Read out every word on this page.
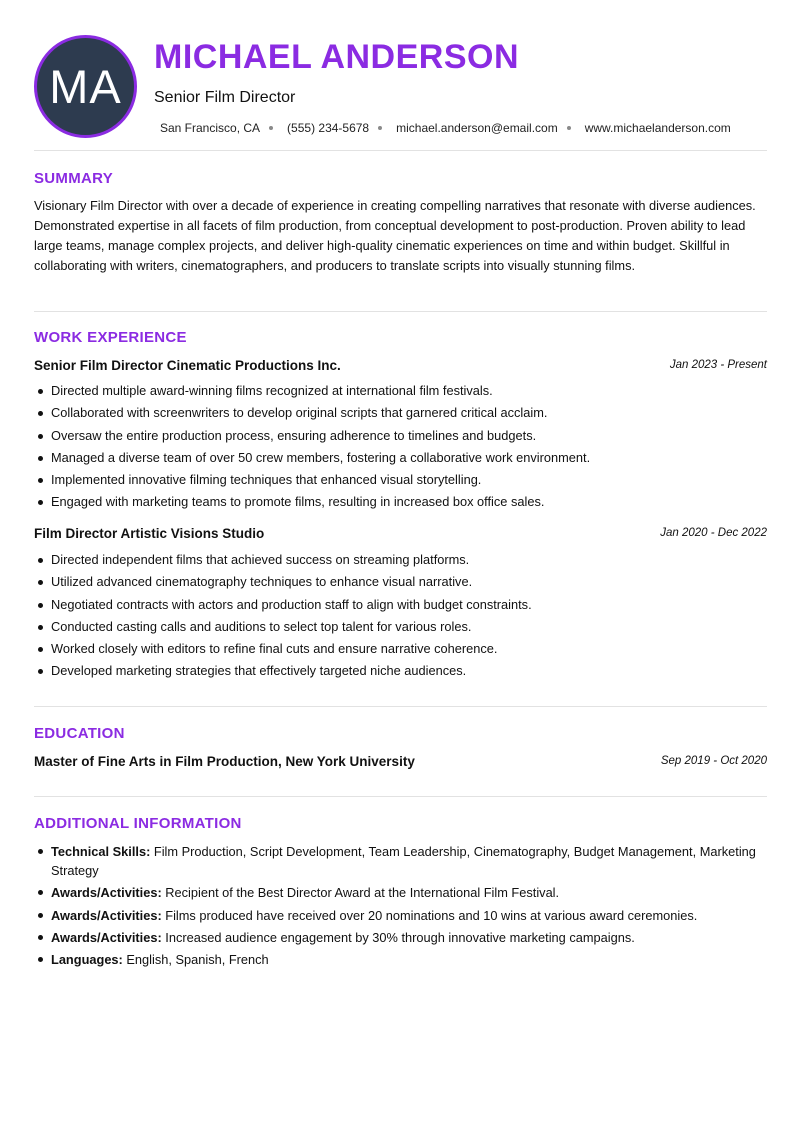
MA
MICHAEL ANDERSON
Senior Film Director
San Francisco, CA (555) 234-5678 michael.anderson@email.com www.michaelanderson.com
SUMMARY

Visionary Film Director with over a decade of experience in creating compelling narratives that resonate with diverse audiences. Demonstrated expertise in all facets of film production, from conceptual development to post-production. Proven ability to lead large teams, manage complex projects, and deliver high-quality cinematic experiences on time and within budget. Skillful in collaborating with writers, cinematographers, and producers to translate scripts into visually stunning films.

WORK EXPERIENCE
Senior Film Director Cinematic Productions Inc.	Jan 2023 - Present
Directed multiple award-winning films recognized at international film festivals.
Collaborated with screenwriters to develop original scripts that garnered critical acclaim.
Oversaw the entire production process, ensuring adherence to timelines and budgets.
Managed a diverse team of over 50 crew members, fostering a collaborative work environment.
Implemented innovative filming techniques that enhanced visual storytelling.
Engaged with marketing teams to promote films, resulting in increased box office sales.
Film Director Artistic Visions Studio	Jan 2020 - Dec 2022
Directed independent films that achieved success on streaming platforms.
Utilized advanced cinematography techniques to enhance visual narrative.
Negotiated contracts with actors and production staff to align with budget constraints.
Conducted casting calls and auditions to select top talent for various roles.
Worked closely with editors to refine final cuts and ensure narrative coherence.
Developed marketing strategies that effectively targeted niche audiences.
EDUCATION
Master of Fine Arts in Film Production, New York University	Sep 2019 - Oct 2020
ADDITIONAL INFORMATION
Technical Skills: Film Production, Script Development, Team Leadership, Cinematography, Budget Management, Marketing Strategy
Awards/Activities: Recipient of the Best Director Award at the International Film Festival.
Awards/Activities: Films produced have received over 20 nominations and 10 wins at various award ceremonies.
Awards/Activities: Increased audience engagement by 30% through innovative marketing campaigns.
Languages: English, Spanish, French
